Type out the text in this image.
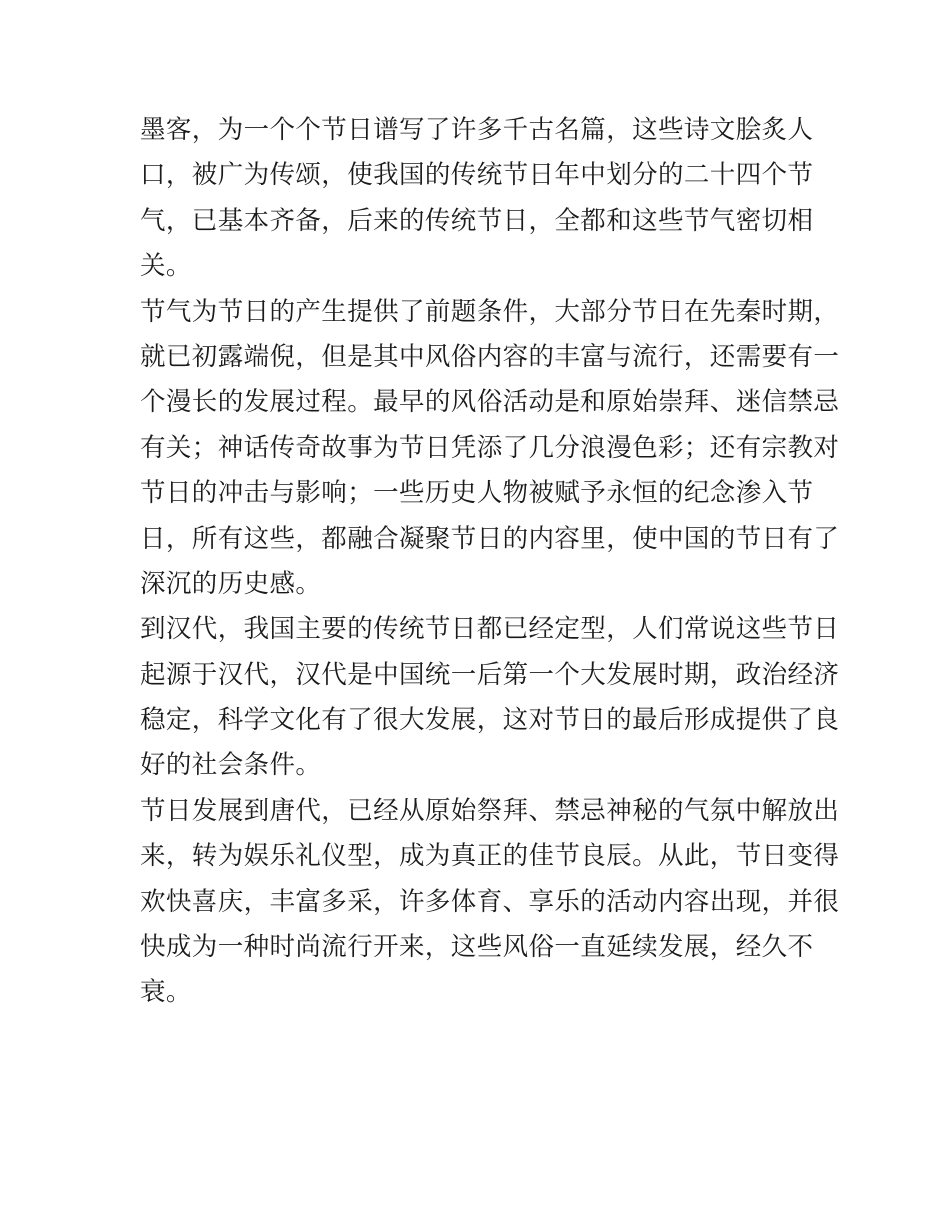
墨客，为一个个节日谱写了许多千古名篇，这些诗文脍炙人
口，被广为传颂，使我国的传统节日年中划分的二十四个节
气，已基本齐备，后来的传统节日，全都和这些节气密切相
关。
节气为节日的产生提供了前题条件，大部分节日在先秦时期，
就已初露端倪，但是其中风俗内容的丰富与流行，还需要有一
个漫长的发展过程。最早的风俗活动是和原始崇拜、迷信禁忌
有关；神话传奇故事为节日凭添了几分浪漫色彩；还有宗教对
节日的冲击与影响；一些历史人物被赋予永恒的纪念渗入节
日，所有这些，都融合凝聚节日的内容里，使中国的节日有了
深沉的历史感。
到汉代，我国主要的传统节日都已经定型，人们常说这些节日
起源于汉代，汉代是中国统一后第一个大发展时期，政治经济
稳定，科学文化有了很大发展，这对节日的最后形成提供了良
好的社会条件。
节日发展到唐代，已经从原始祭拜、禁忌神秘的气氛中解放出
来，转为娱乐礼仪型，成为真正的佳节良辰。从此，节日变得
欢快喜庆，丰富多采，许多体育、享乐的活动内容出现，并很
快成为一种时尚流行开来，这些风俗一直延续发展，经久不
衰。
